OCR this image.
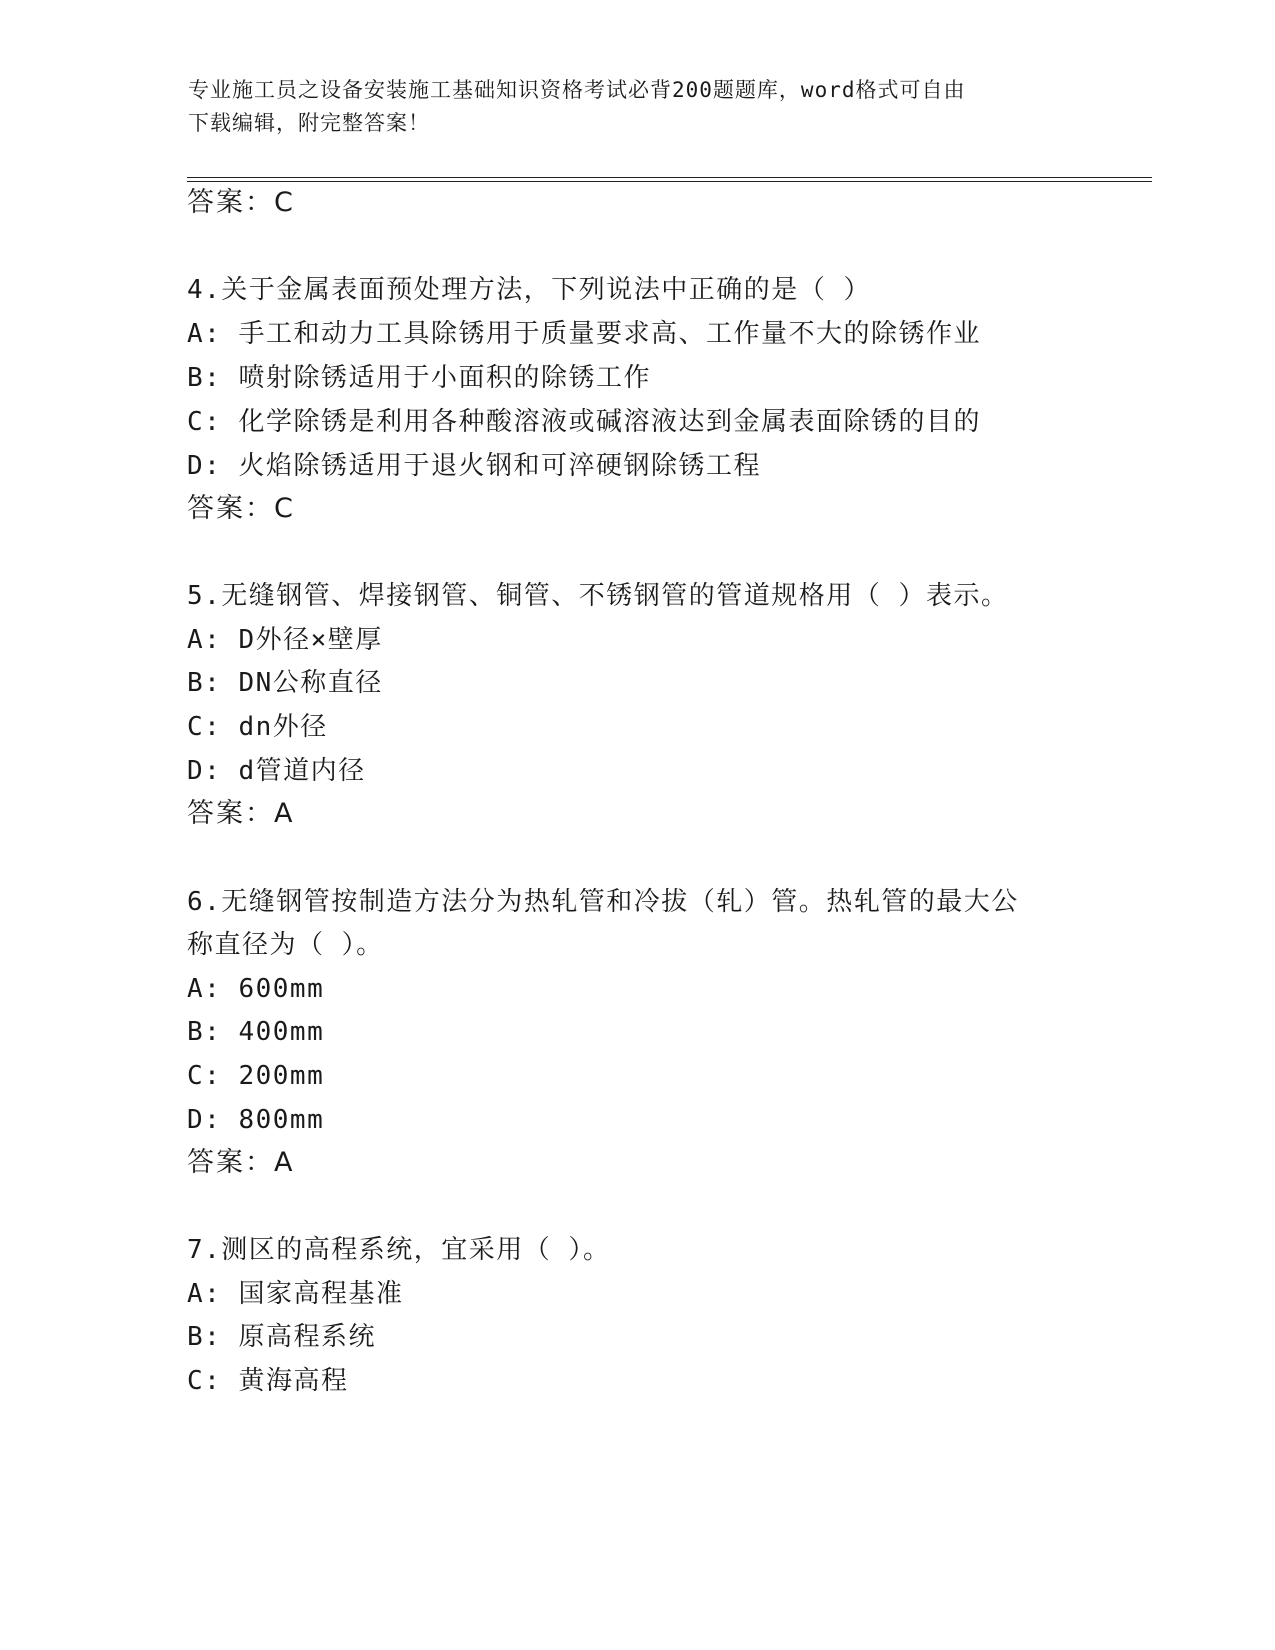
专业施工员之设备安装施工基础知识资格考试必背200题题库，word格式可自由
下载编辑，附完整答案！
答案：C
4.关于金属表面预处理方法，下列说法中正确的是（ ）
A: 手工和动力工具除锈用于质量要求高、工作量不大的除锈作业
B: 喷射除锈适用于小面积的除锈工作
C: 化学除锈是利用各种酸溶液或碱溶液达到金属表面除锈的目的
D: 火焰除锈适用于退火钢和可淬硬钢除锈工程
答案：C
5.无缝钢管、焊接钢管、铜管、不锈钢管的管道规格用（ ）表示。
A: D外径×壁厚
B: DN公称直径
C: dn外径
D: d管道内径
答案：A
6.无缝钢管按制造方法分为热轧管和冷拔（轧）管。热轧管的最大公
称直径为（ ）。
A: 600mm
B: 400mm
C: 200mm
D: 800mm
答案：A
7.测区的高程系统，宜采用（ ）。
A: 国家高程基准
B: 原高程系统
C: 黄海高程
